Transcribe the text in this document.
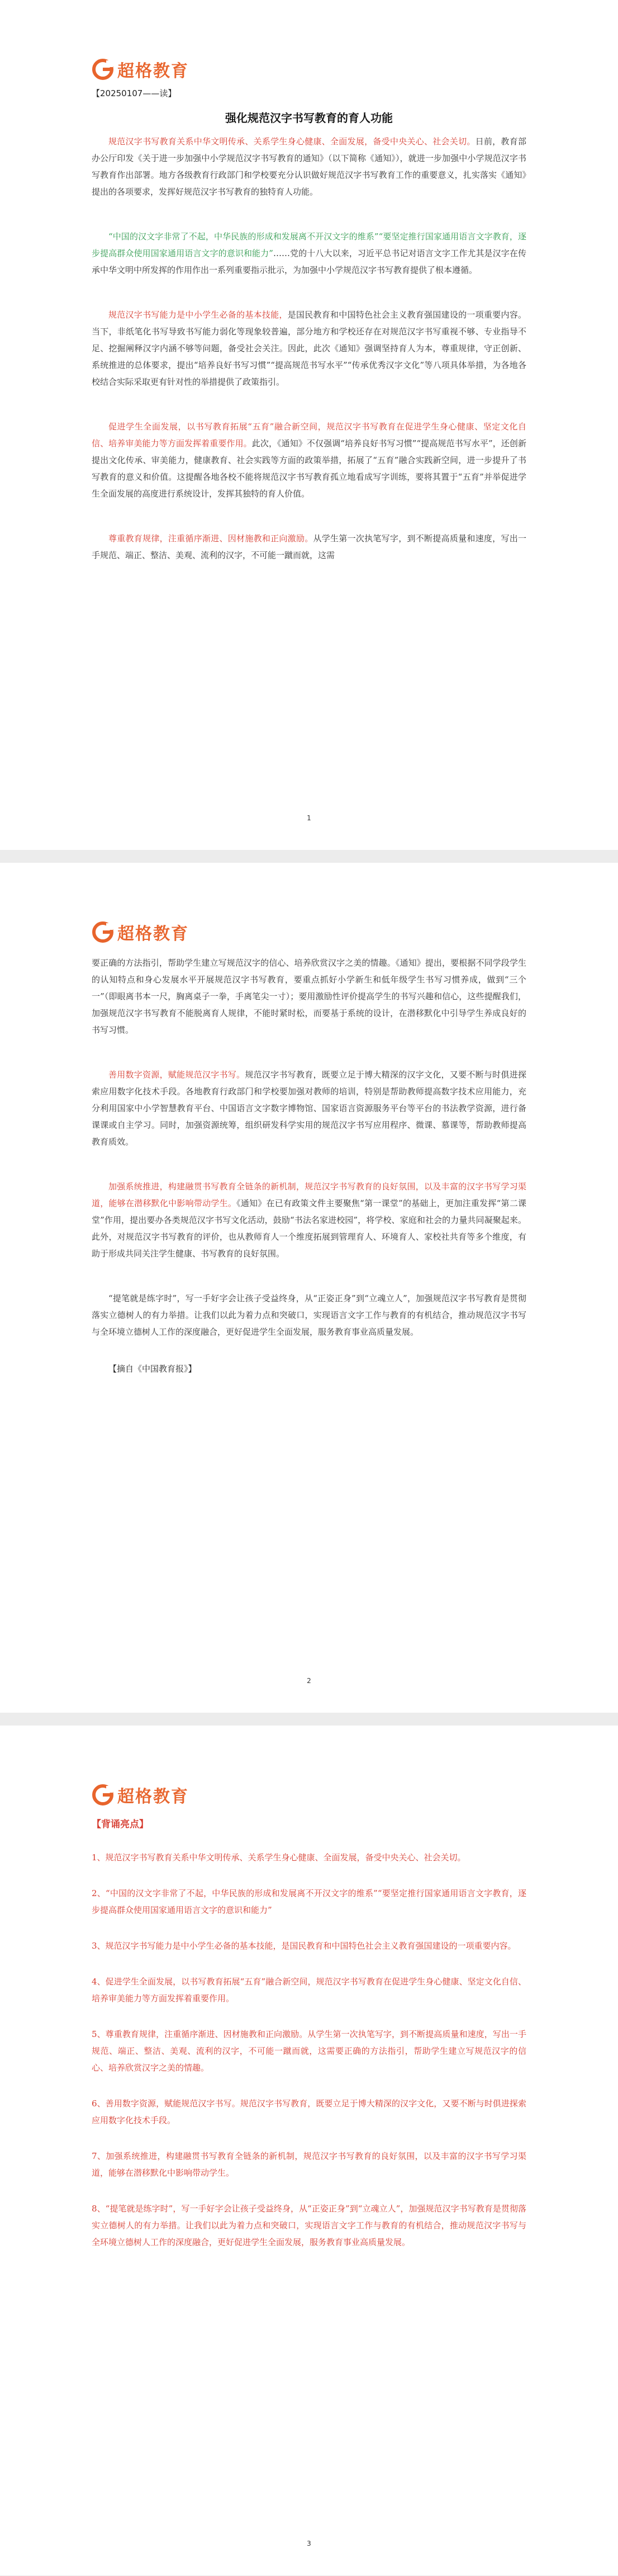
超格教育
【20250107——读】
强化规范汉字书写教育的育人功能

规范汉字书写教育关系中华文明传承、关系学生身心健康、全面发展，备受中央关心、社会关切。日前，教育部办公厅印发《关于进一步加强中小学规范汉字书写教育的通知》（以下简称《通知》），就进一步加强中小学规范汉字书写教育作出部署。地方各级教育行政部门和学校要充分认识做好规范汉字书写教育工作的重要意义，扎实落实《通知》提出的各项要求，发挥好规范汉字书写教育的独特育人功能。

“中国的汉文字非常了不起，中华民族的形成和发展离不开汉文字的维系”“要坚定推行国家通用语言文字教育，逐步提高群众使用国家通用语言文字的意识和能力”……党的十八大以来，习近平总书记对语言文字工作尤其是汉字在传承中华文明中所发挥的作用作出一系列重要指示批示，为加强中小学规范汉字书写教育提供了根本遵循。

规范汉字书写能力是中小学生必备的基本技能，是国民教育和中国特色社会主义教育强国建设的一项重要内容。当下，非纸笔化书写导致书写能力弱化等现象较普遍，部分地方和学校还存在对规范汉字书写重视不够、专业指导不足、挖掘阐释汉字内涵不够等问题，备受社会关注。因此，此次《通知》强调坚持育人为本，尊重规律，守正创新、系统推进的总体要求，提出“培养良好书写习惯”“提高规范书写水平”“传承优秀汉字文化”等八项具体举措，为各地各校结合实际采取更有针对性的举措提供了政策指引。

促进学生全面发展，以书写教育拓展“五育”融合新空间，规范汉字书写教育在促进学生身心健康、坚定文化自信、培养审美能力等方面发挥着重要作用。此次，《通知》不仅强调“培养良好书写习惯”“提高规范书写水平”，还创新提出文化传承、审美能力，健康教育、社会实践等方面的政策举措，拓展了“五育”融合实践新空间，进一步提升了书写教育的意义和价值。这提醒各地各校不能将规范汉字书写教育孤立地看成写字训练，要将其置于“五育”并举促进学生全面发展的高度进行系统设计，发挥其独特的育人价值。

尊重教育规律，注重循序渐进、因材施教和正向激励。从学生第一次执笔写字，到不断提高质量和速度，写出一手规范、端正、整洁、美观、流利的汉字，不可能一蹴而就，这需

1
超格教育

要正确的方法指引，帮助学生建立写规范汉字的信心、培养欣赏汉字之美的情趣。《通知》提出，要根据不同学段学生的认知特点和身心发展水平开展规范汉字书写教育，要重点抓好小学新生和低年级学生书写习惯养成，做到“三个一”（即眼离书本一尺，胸离桌子一拳，手离笔尖一寸）；要用激励性评价提高学生的书写兴趣和信心，这些提醒我们，加强规范汉字书写教育不能脱离育人规律，不能时紧时松，而要基于系统的设计，在潜移默化中引导学生养成良好的书写习惯。

善用数字资源，赋能规范汉字书写。规范汉字书写教育，既要立足于博大精深的汉字文化，又要不断与时俱进探索应用数字化技术手段。各地教育行政部门和学校要加强对教师的培训，特别是帮助教师提高数字技术应用能力，充分利用国家中小学智慧教育平台、中国语言文字数字博物馆、国家语言资源服务平台等平台的书法教学资源，进行备课课或自主学习。同时，加强资源统筹，组织研发科学实用的规范汉字书写应用程序、微课、慕课等，帮助教师提高教育质效。

加强系统推进，构建融贯书写教育全链条的新机制，规范汉字书写教育的良好氛围，以及丰富的汉字书写学习渠道，能够在潜移默化中影响带动学生。《通知》在已有政策文件主要聚焦“第一课堂”的基础上，更加注重发挥“第二课堂”作用，提出要办各类规范汉字书写文化活动，鼓励“书法名家进校园”，将学校、家庭和社会的力量共同凝聚起来。此外，对规范汉字书写教育的评价，也从教师育人一个维度拓展到管理育人、环境育人、家校社共育等多个维度，有助于形成共同关注学生健康、书写教育的良好氛围。

“提笔就是练字时”，写一手好字会让孩子受益终身，从“正姿正身”到“立魂立人”，加强规范汉字书写教育是贯彻落实立德树人的有力举措。让我们以此为着力点和突破口，实现语言文字工作与教育的有机结合，推动规范汉字书写与全环境立德树人工作的深度融合，更好促进学生全面发展，服务教育事业高质量发展。

【摘自《中国教育报》】
2
超格教育
【背诵亮点】

1、规范汉字书写教育关系中华文明传承、关系学生身心健康、全面发展，备受中央关心、社会关切。

2、“中国的汉文字非常了不起，中华民族的形成和发展离不开汉文字的维系”“要坚定推行国家通用语言文字教育，逐步提高群众使用国家通用语言文字的意识和能力”

3、规范汉字书写能力是中小学生必备的基本技能，是国民教育和中国特色社会主义教育强国建设的一项重要内容。

4、促进学生全面发展，以书写教育拓展“五育”融合新空间，规范汉字书写教育在促进学生身心健康、坚定文化自信、培养审美能力等方面发挥着重要作用。

5、尊重教育规律，注重循序渐进、因材施教和正向激励。从学生第一次执笔写字，到不断提高质量和速度，写出一手规范、端正、整洁、美观、流利的汉字，不可能一蹴而就，这需要正确的方法指引，帮助学生建立写规范汉字的信心、培养欣赏汉字之美的情趣。

6、善用数字资源，赋能规范汉字书写。规范汉字书写教育，既要立足于博大精深的汉字文化，又要不断与时俱进探索应用数字化技术手段。

7、加强系统推进，构建融贯书写教育全链条的新机制，规范汉字书写教育的良好氛围，以及丰富的汉字书写学习渠道，能够在潜移默化中影响带动学生。

8、“提笔就是练字时”，写一手好字会让孩子受益终身，从“正姿正身”到“立魂立人”，加强规范汉字书写教育是贯彻落实立德树人的有力举措。让我们以此为着力点和突破口，实现语言文字工作与教育的有机结合，推动规范汉字书写与全环境立德树人工作的深度融合，更好促进学生全面发展，服务教育事业高质量发展。

3
